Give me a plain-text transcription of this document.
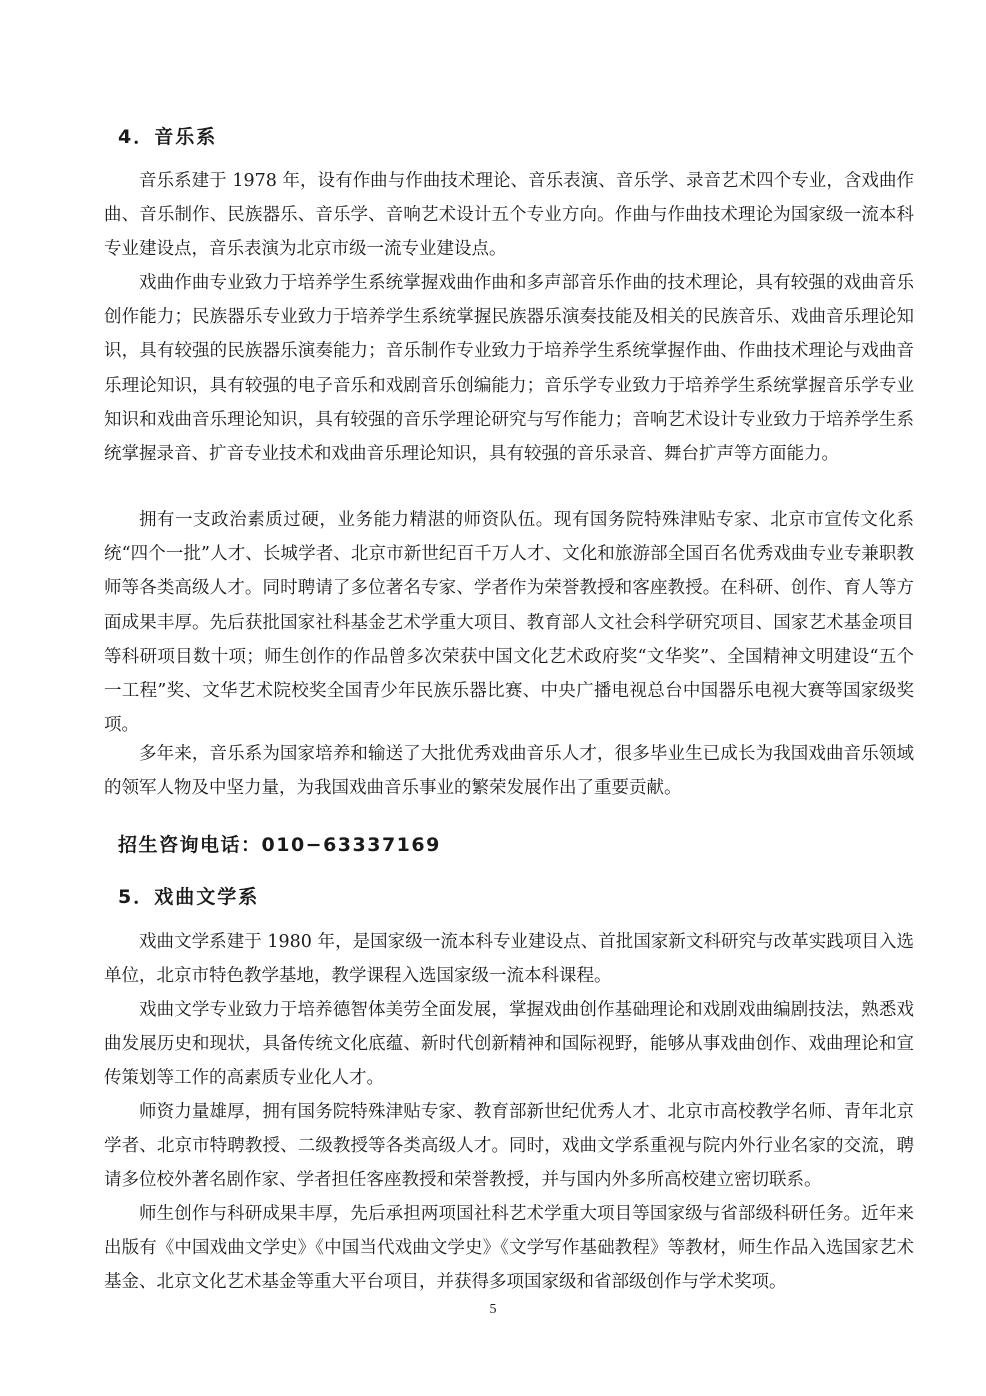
4．音乐系

音乐系建于 1978 年，设有作曲与作曲技术理论、音乐表演、音乐学、录音艺术四个专业，含戏曲作曲、音乐制作、民族器乐、音乐学、音响艺术设计五个专业方向。作曲与作曲技术理论为国家级一流本科专业建设点，音乐表演为北京市级一流专业建设点。

戏曲作曲专业致力于培养学生系统掌握戏曲作曲和多声部音乐作曲的技术理论，具有较强的戏曲音乐创作能力；民族器乐专业致力于培养学生系统掌握民族器乐演奏技能及相关的民族音乐、戏曲音乐理论知识，具有较强的民族器乐演奏能力；音乐制作专业致力于培养学生系统掌握作曲、作曲技术理论与戏曲音乐理论知识，具有较强的电子音乐和戏剧音乐创编能力；音乐学专业致力于培养学生系统掌握音乐学专业知识和戏曲音乐理论知识，具有较强的音乐学理论研究与写作能力；音响艺术设计专业致力于培养学生系统掌握录音、扩音专业技术和戏曲音乐理论知识，具有较强的音乐录音、舞台扩声等方面能力。

拥有一支政治素质过硬，业务能力精湛的师资队伍。现有国务院特殊津贴专家、北京市宣传文化系统“四个一批”人才、长城学者、北京市新世纪百千万人才、文化和旅游部全国百名优秀戏曲专业专兼职教师等各类高级人才。同时聘请了多位著名专家、学者作为荣誉教授和客座教授。在科研、创作、育人等方面成果丰厚。先后获批国家社科基金艺术学重大项目、教育部人文社会科学研究项目、国家艺术基金项目等科研项目数十项；师生创作的作品曾多次荣获中国文化艺术政府奖“文华奖”、全国精神文明建设“五个一工程”奖、文华艺术院校奖全国青少年民族乐器比赛、中央广播电视总台中国器乐电视大赛等国家级奖项。

多年来，音乐系为国家培养和输送了大批优秀戏曲音乐人才，很多毕业生已成长为我国戏曲音乐领域的领军人物及中坚力量，为我国戏曲音乐事业的繁荣发展作出了重要贡献。

招生咨询电话：010−63337169
5．戏曲文学系

戏曲文学系建于 1980 年，是国家级一流本科专业建设点、首批国家新文科研究与改革实践项目入选单位，北京市特色教学基地，教学课程入选国家级一流本科课程。

戏曲文学专业致力于培养德智体美劳全面发展，掌握戏曲创作基础理论和戏剧戏曲编剧技法，熟悉戏曲发展历史和现状，具备传统文化底蕴、新时代创新精神和国际视野，能够从事戏曲创作、戏曲理论和宣传策划等工作的高素质专业化人才。

师资力量雄厚，拥有国务院特殊津贴专家、教育部新世纪优秀人才、北京市高校教学名师、青年北京学者、北京市特聘教授、二级教授等各类高级人才。同时，戏曲文学系重视与院内外行业名家的交流，聘请多位校外著名剧作家、学者担任客座教授和荣誉教授，并与国内外多所高校建立密切联系。

师生创作与科研成果丰厚，先后承担两项国社科艺术学重大项目等国家级与省部级科研任务。近年来出版有《中国戏曲文学史》《中国当代戏曲文学史》《文学写作基础教程》等教材，师生作品入选国家艺术基金、北京文化艺术基金等重大平台项目，并获得多项国家级和省部级创作与学术奖项。

5
